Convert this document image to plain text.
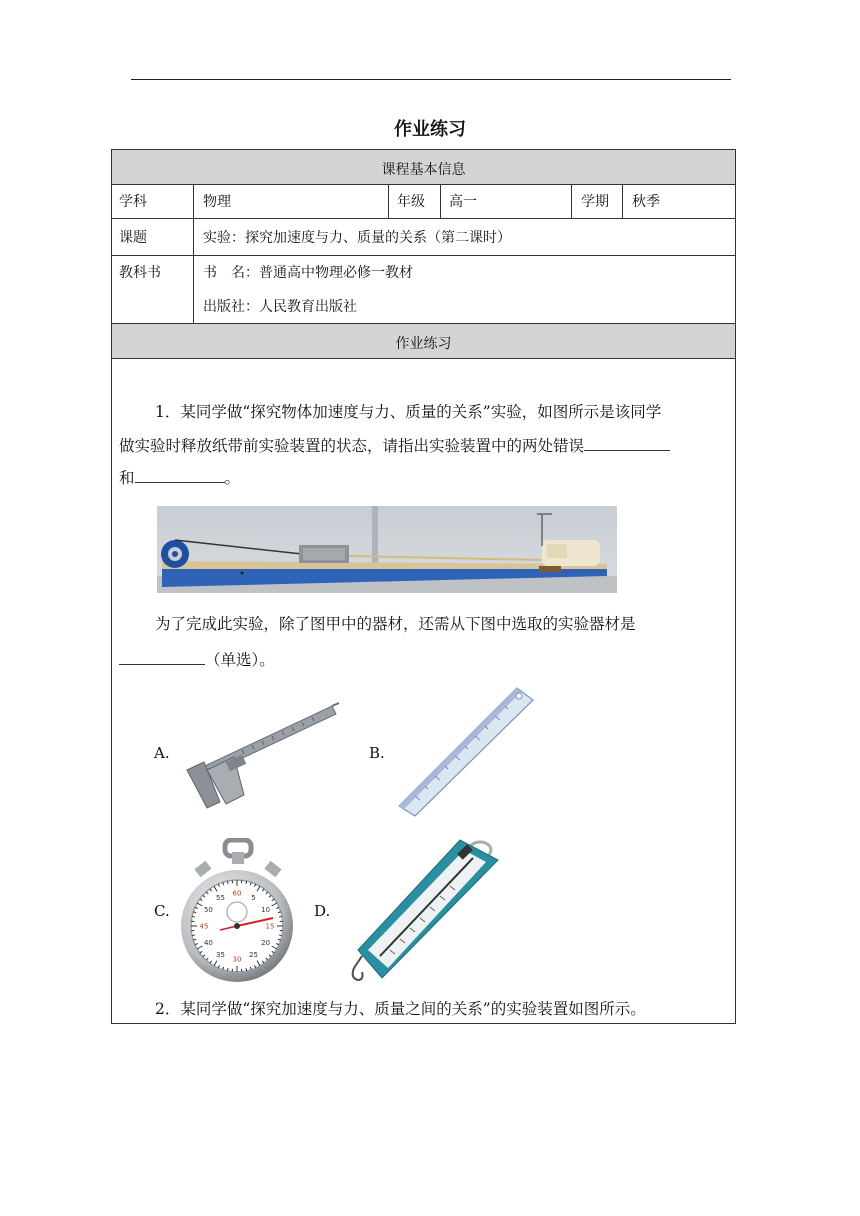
作业练习
课程基本信息
学科	物理	年级 高一	学期 秋季
课题	实验：探究加速度与力、质量的关系（第二课时）
教科书	书　名：普通高中物理必修一教材
出版社：人民教育出版社
作业练习
1．某同学做“探究物体加速度与力、质量的关系”实验，如图所示是该同学
做实验时释放纸带前实验装置的状态，请指出实验装置中的两处错误
和	。
为了完成此实验，除了图甲中的器材，还需从下图中选取的实验器材是
（单选）。
A.	B.
C.	D.
60
5
10
15
20
25
30
35
40
45
50
55
2．某同学做“探究加速度与力、质量之间的关系”的实验装置如图所示。
